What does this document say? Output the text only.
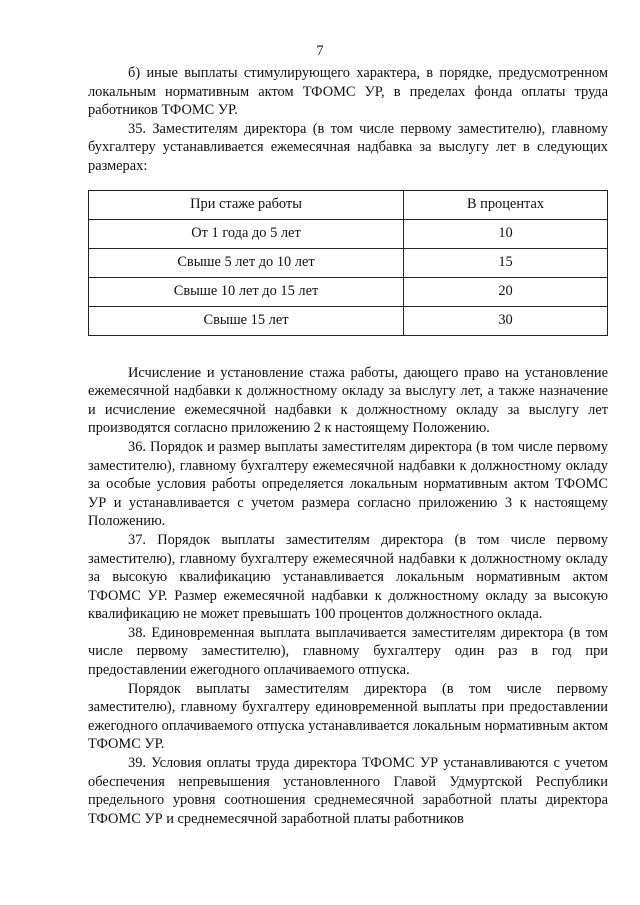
7

б) иные выплаты стимулирующего характера, в порядке, предусмотренном локальным нормативным актом ТФОМС УР, в пределах фонда оплаты труда работников ТФОМС УР.

35. Заместителям директора (в том числе первому заместителю), главному бухгалтеру устанавливается ежемесячная надбавка за выслугу лет в следующих размерах:

При стаже работы	В процентах
От 1 года до 5 лет	10
Свыше 5 лет до 10 лет	15
Свыше 10 лет до 15 лет	20
Свыше 15 лет	30

Исчисление и установление стажа работы, дающего право на установление ежемесячной надбавки к должностному окладу за выслугу лет, а также назначение и исчисление ежемесячной надбавки к должностному окладу за выслугу лет производятся согласно приложению 2 к настоящему Положению.

36. Порядок и размер выплаты заместителям директора (в том числе первому заместителю), главному бухгалтеру ежемесячной надбавки к должностному окладу за особые условия работы определяется локальным нормативным актом ТФОМС УР и устанавливается с учетом размера согласно приложению 3 к настоящему Положению.

37. Порядок выплаты заместителям директора (в том числе первому заместителю), главному бухгалтеру ежемесячной надбавки к должностному окладу за высокую квалификацию устанавливается локальным нормативным актом ТФОМС УР. Размер ежемесячной надбавки к должностному окладу за высокую квалификацию не может превышать 100 процентов должностного оклада.

38. Единовременная выплата выплачивается заместителям директора (в том числе первому заместителю), главному бухгалтеру один раз в год при предоставлении ежегодного оплачиваемого отпуска.

Порядок выплаты заместителям директора (в том числе первому заместителю), главному бухгалтеру единовременной выплаты при предоставлении ежегодного оплачиваемого отпуска устанавливается локальным нормативным актом ТФОМС УР.

39. Условия оплаты труда директора ТФОМС УР устанавливаются с учетом обеспечения непревышения установленного Главой Удмуртской Республики предельного уровня соотношения среднемесячной заработной платы директора ТФОМС УР и среднемесячной заработной платы работников
